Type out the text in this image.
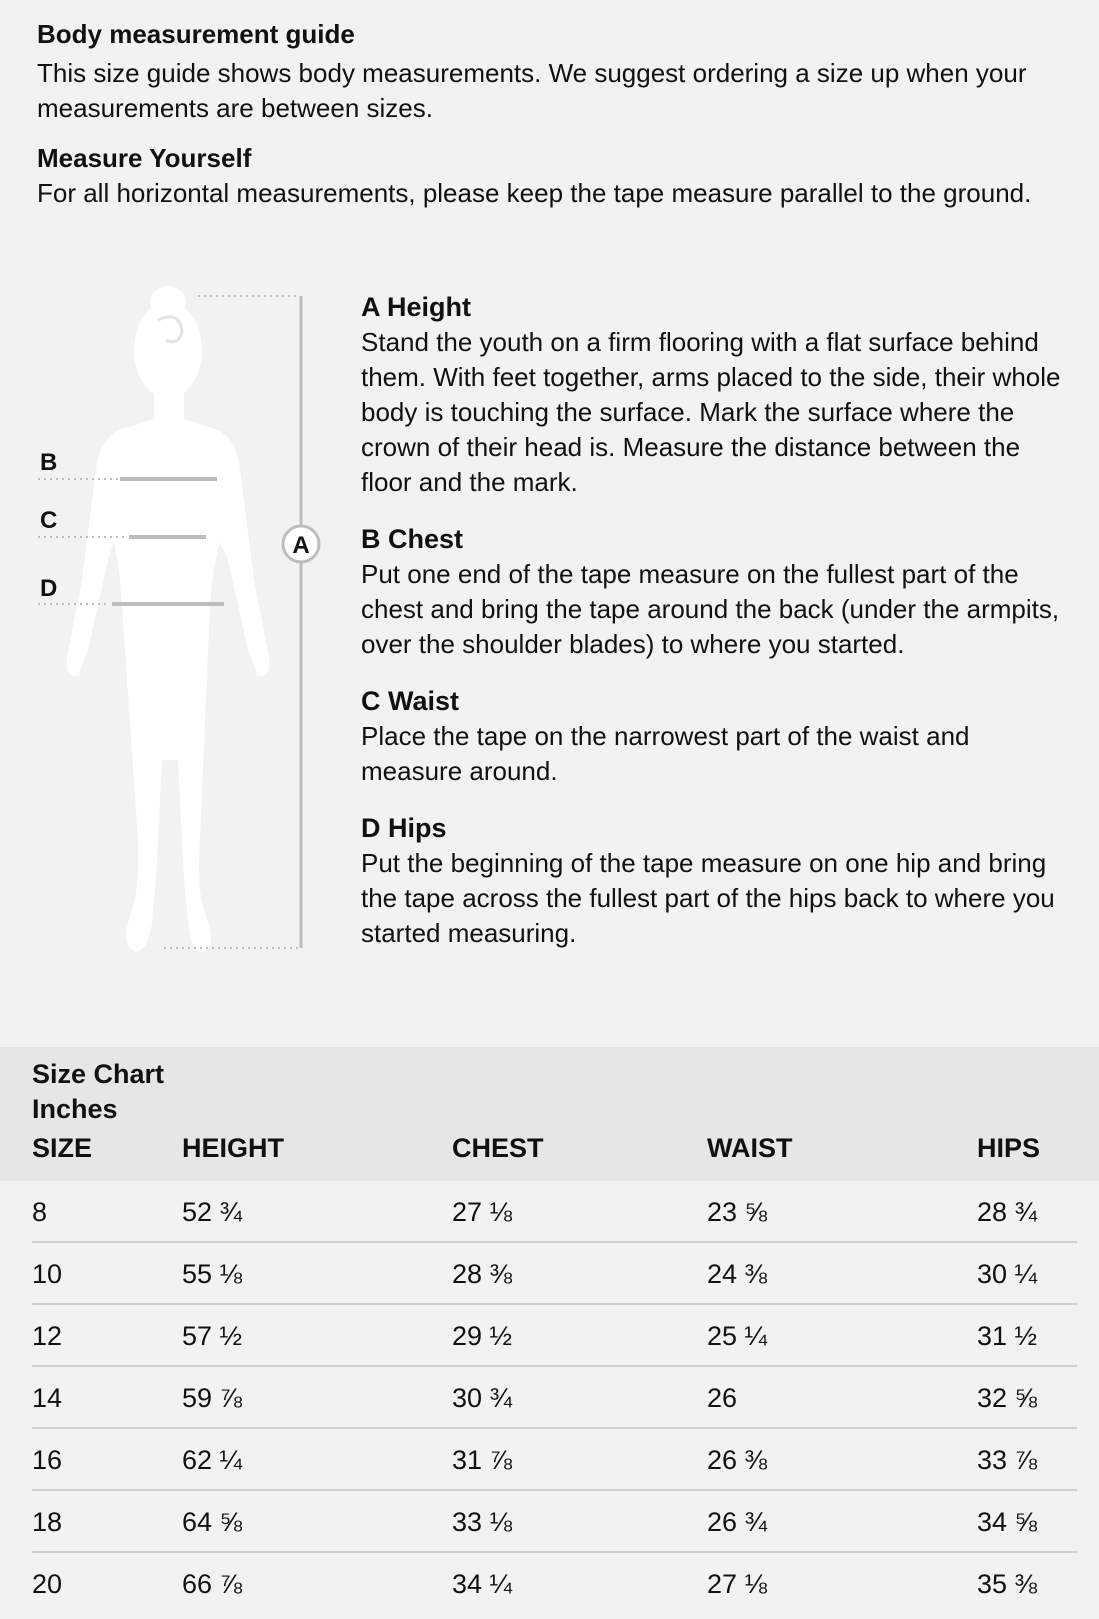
Body measurement guide

This size guide shows body measurements. We suggest ordering a size up when your measurements are between sizes.

Measure Yourself

For all horizontal measurements, please keep the tape measure parallel to the ground.

A
B
C
D

A Height

Stand the youth on a firm flooring with a flat surface behind them. With feet together, arms placed to the side, their whole body is touching the surface. Mark the surface where the crown of their head is. Measure the distance between the floor and the mark.

B Chest

Put one end of the tape measure on the fullest part of the chest and bring the tape around the back (under the armpits, over the shoulder blades) to where you started.

C Waist

Place the tape on the narrowest part of the waist and measure around.

D Hips

Put the beginning of the tape measure on one hip and bring the tape across the fullest part of the hips back to where you started measuring.

Size Chart
Inches
SIZE	HEIGHT	CHEST	WAIST	HIPS
8	52 ¾	27 ⅛	23 ⅝	28 ¾
10	55 ⅛	28 ⅜	24 ⅜	30 ¼
12	57 ½	29 ½	25 ¼	31 ½
14	59 ⅞	30 ¾	26	32 ⅝
16	62 ¼	31 ⅞	26 ⅜	33 ⅞
18	64 ⅝	33 ⅛	26 ¾	34 ⅝
20	66 ⅞	34 ¼	27 ⅛	35 ⅜
